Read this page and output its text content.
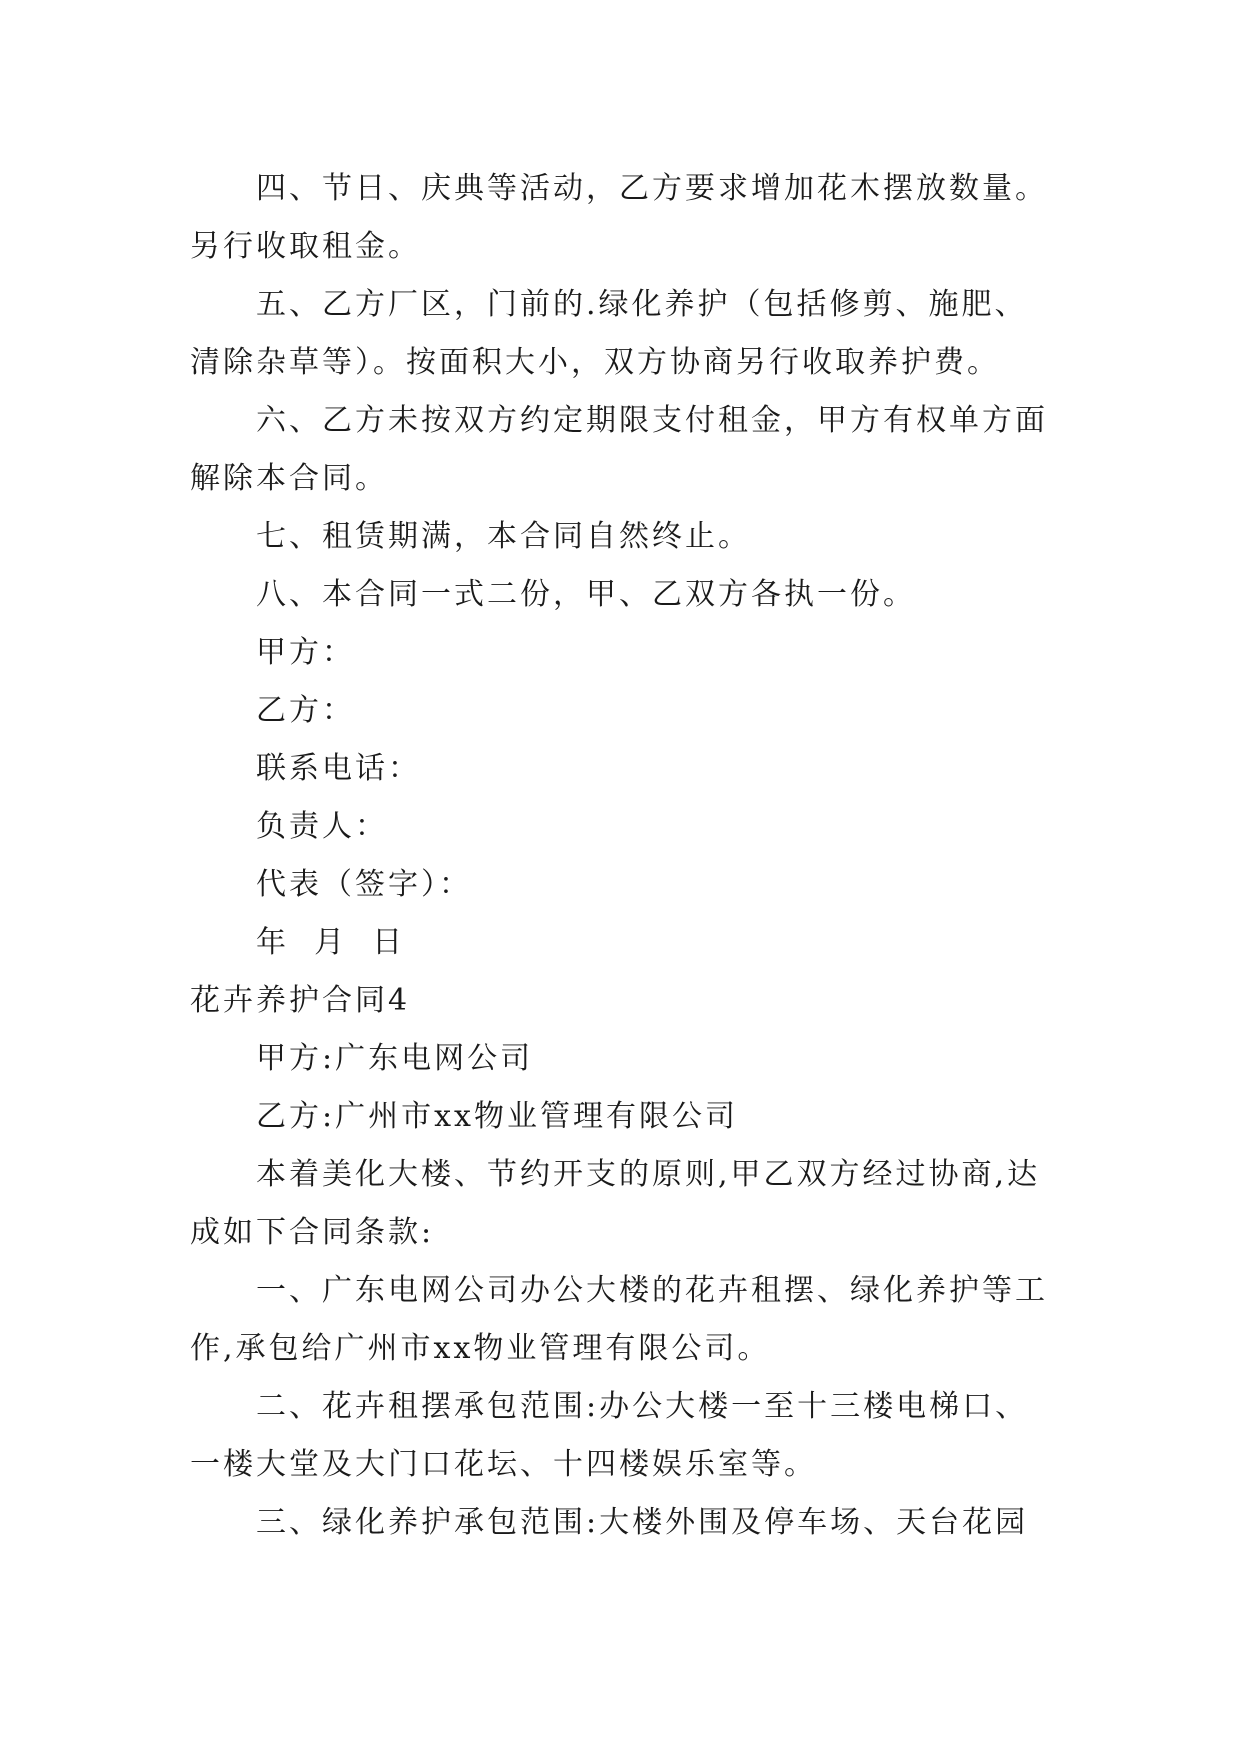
四、节日、庆典等活动，乙方要求增加花木摆放数量。
另行收取租金。

五、乙方厂区，门前的.绿化养护（包括修剪、施肥、
清除杂草等）。按面积大小，双方协商另行收取养护费。

六、乙方未按双方约定期限支付租金，甲方有权单方面
解除本合同。

七、租赁期满，本合同自然终止。

八、本合同一式二份，甲、乙双方各执一份。

甲方：

乙方：

联系电话：

负责人：

代表（签字）：

年  月  日

花卉养护合同4

甲方:广东电网公司

乙方:广州市xx物业管理有限公司

本着美化大楼、节约开支的原则,甲乙双方经过协商,达
成如下合同条款:

一、广东电网公司办公大楼的花卉租摆、绿化养护等工
作,承包给广州市xx物业管理有限公司。

二、花卉租摆承包范围:办公大楼一至十三楼电梯口、
一楼大堂及大门口花坛、十四楼娱乐室等。

三、绿化养护承包范围:大楼外围及停车场、天台花园
